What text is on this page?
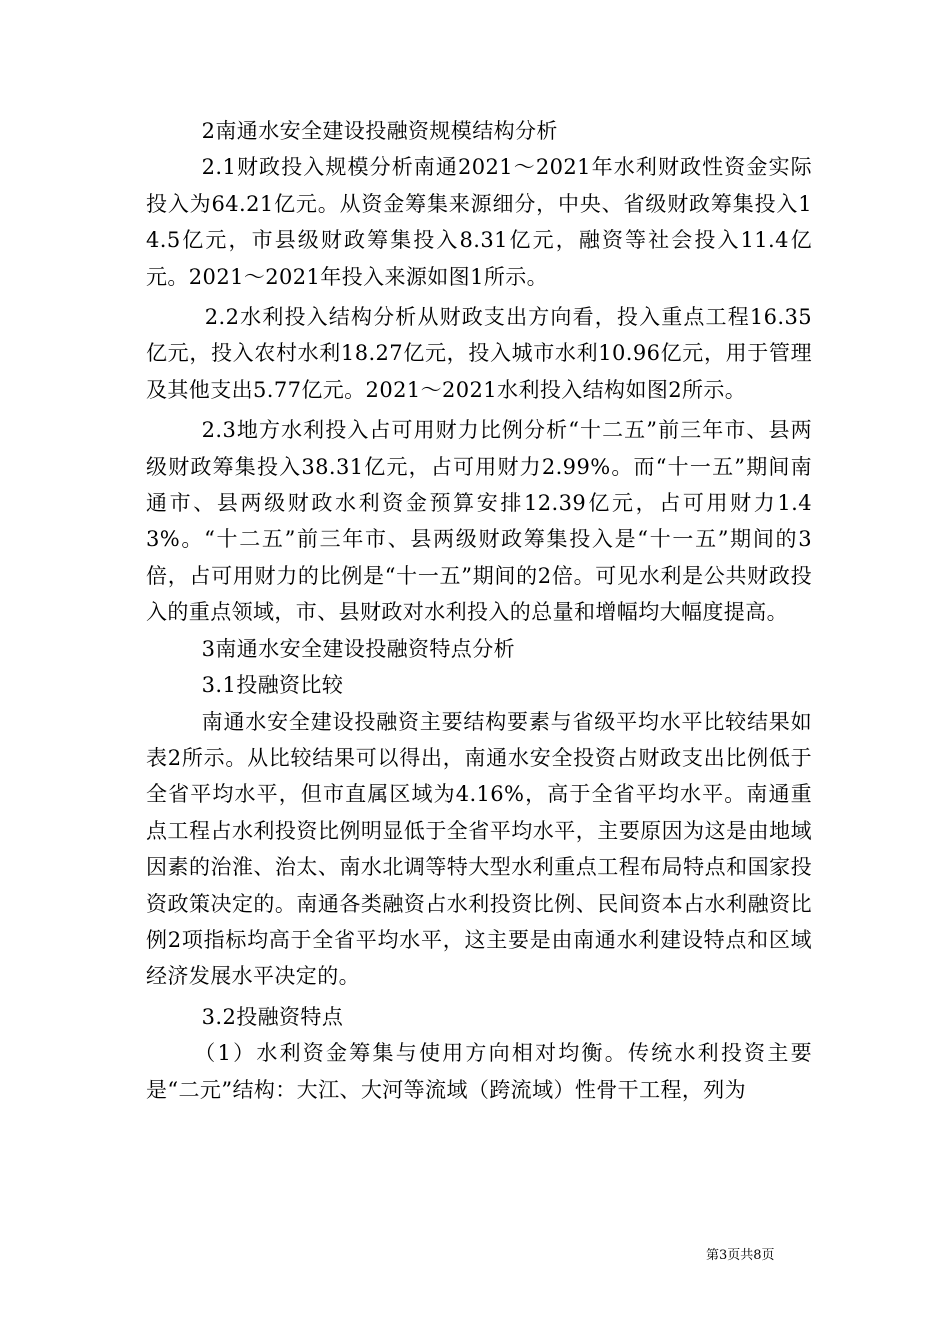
2南通水安全建设投融资规模结构分析

2.1财政投入规模分析南通2021～2021年水利财政性资金实际投入为64.21亿元。从资金筹集来源细分，中央、省级财政筹集投入14.5亿元，市县级财政筹集投入8.31亿元，融资等社会投入11.4亿元。2021～2021年投入来源如图1所示。

2.2水利投入结构分析从财政支出方向看，投入重点工程16.35亿元，投入农村水利18.27亿元，投入城市水利10.96亿元，用于管理及其他支出5.77亿元。2021～2021水利投入结构如图2所示。

2.3地方水利投入占可用财力比例分析“十二五”前三年市、县两级财政筹集投入38.31亿元，占可用财力2.99%。而“十一五”期间南通市、县两级财政水利资金预算安排12.39亿元，占可用财力1.43%。“十二五”前三年市、县两级财政筹集投入是“十一五”期间的3倍，占可用财力的比例是“十一五”期间的2倍。可见水利是公共财政投入的重点领域，市、县财政对水利投入的总量和增幅均大幅度提高。

3南通水安全建设投融资特点分析

3.1投融资比较

南通水安全建设投融资主要结构要素与省级平均水平比较结果如表2所示。从比较结果可以得出，南通水安全投资占财政支出比例低于全省平均水平，但市直属区域为4.16%，高于全省平均水平。南通重点工程占水利投资比例明显低于全省平均水平，主要原因为这是由地域因素的治淮、治太、南水北调等特大型水利重点工程布局特点和国家投资政策决定的。南通各类融资占水利投资比例、民间资本占水利融资比例2项指标均高于全省平均水平，这主要是由南通水利建设特点和区域经济发展水平决定的。

3.2投融资特点

（1）水利资金筹集与使用方向相对均衡。传统水利投资主要是“二元”结构：大江、大河等流域（跨流域）性骨干工程，列为

第3页共8页
